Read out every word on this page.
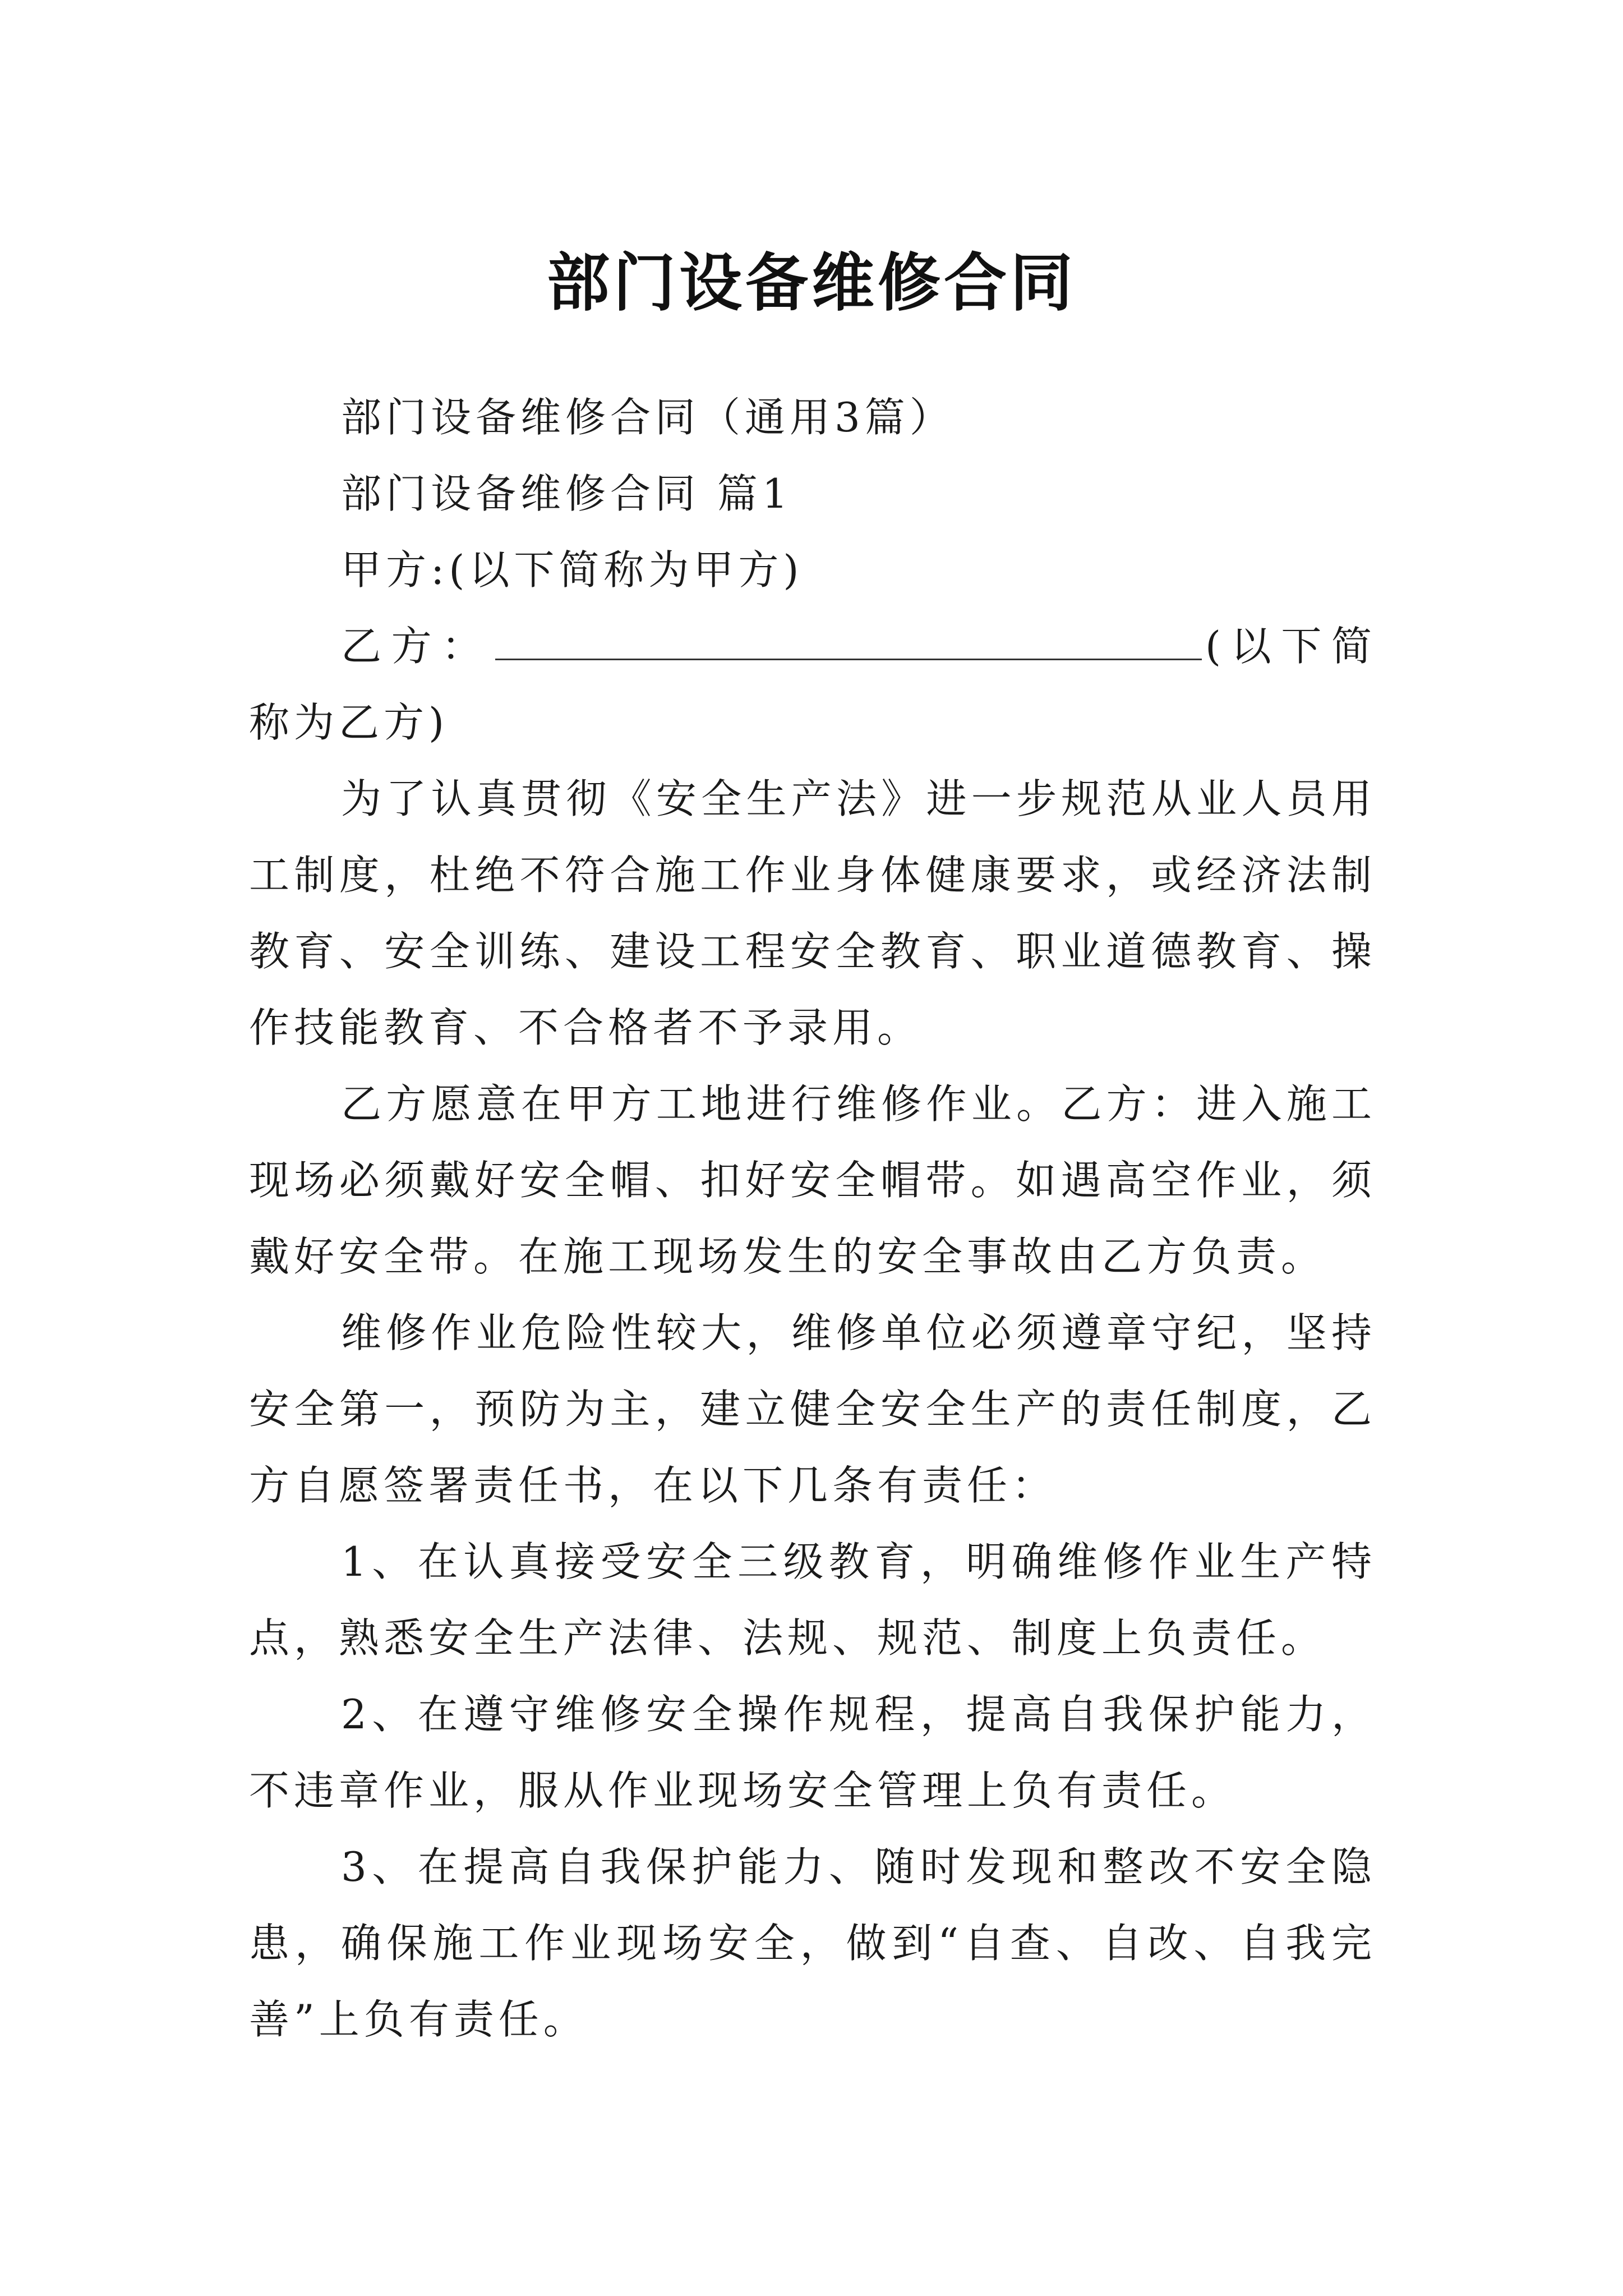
部门设备维修合同

部门设备维修合同（通用3篇）

部门设备维修合同 篇1

甲方:(以下简称为甲方)

乙方：	(以下简称为乙方)

为了认真贯彻《安全生产法》进一步规范从业人员用工制度，杜绝不符合施工作业身体健康要求，或经济法制教育、安全训练、建设工程安全教育、职业道德教育、操作技能教育、不合格者不予录用。

乙方愿意在甲方工地进行维修作业。乙方：进入施工现场必须戴好安全帽、扣好安全帽带。如遇高空作业，须戴好安全带。在施工现场发生的安全事故由乙方负责。

维修作业危险性较大，维修单位必须遵章守纪，坚持安全第一，预防为主，建立健全安全生产的责任制度，乙方自愿签署责任书，在以下几条有责任：

1、在认真接受安全三级教育，明确维修作业生产特点，熟悉安全生产法律、法规、规范、制度上负责任。

2、在遵守维修安全操作规程，提高自我保护能力，不违章作业，服从作业现场安全管理上负有责任。

3、在提高自我保护能力、随时发现和整改不安全隐患，确保施工作业现场安全，做到“自查、自改、自我完善”上负有责任。
